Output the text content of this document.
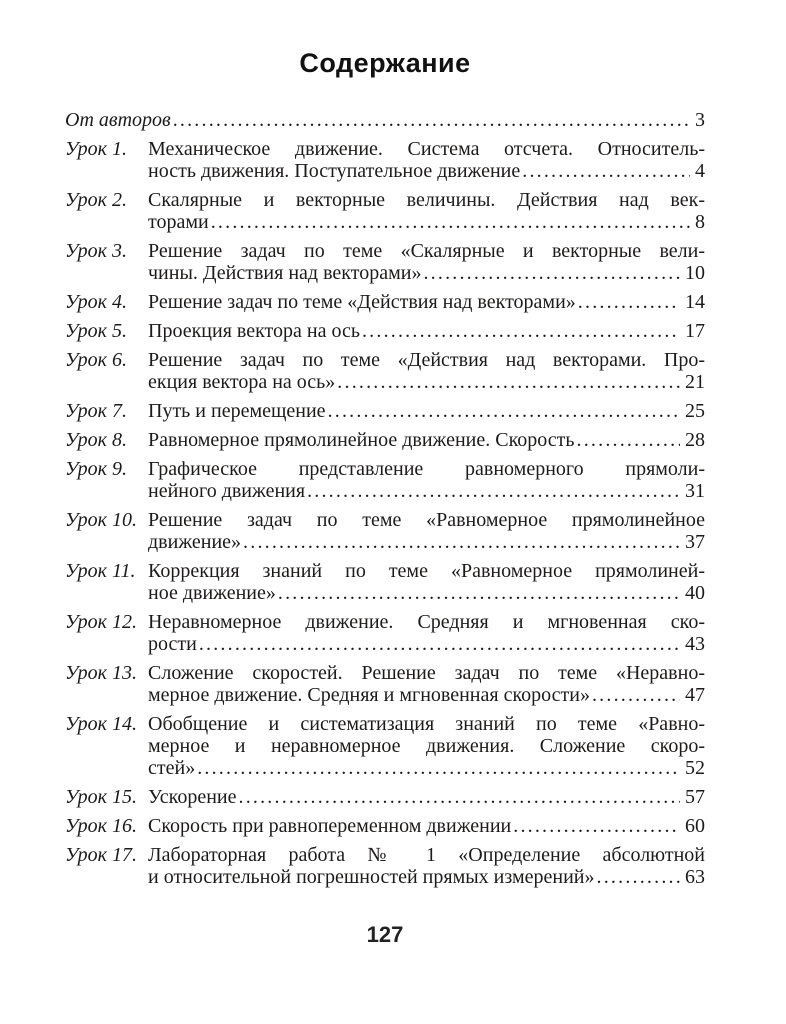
Содержание
От авторов .....	3
Урок 1.	Механическое движение. Система отсчета. Относитель-
ность движения. Поступательное движение .....	4
Урок 2.	Скалярные и векторные величины. Действия над век-
торами .....	8
Урок 3.	Решение задач по теме «Скалярные и векторные вели-
чины. Действия над векторами» .....	10
Урок 4.	Решение задач по теме «Действия над векторами» .....	14
Урок 5.	Проекция вектора на ось .....	17
Урок 6.	Решение задач по теме «Действия над векторами. Про-
екция вектора на ось» .....	21
Урок 7.	Путь и перемещение .....	25
Урок 8.	Равномерное прямолинейное движение. Скорость .....	28
Урок 9.	Графическое представление равномерного прямоли-
нейного движения .....	31
Урок 10. Решение задач по теме «Равномерное прямолинейное
движение» .....	37
Урок 11. Коррекция знаний по теме «Равномерное прямолиней-
ное движение» .....	40
Урок 12. Неравномерное движение. Средняя и мгновенная ско-
рости .....	43
Урок 13. Сложение скоростей. Решение задач по теме «Неравно-
мерное движение. Средняя и мгновенная скорости» .....	47
Урок 14. Обобщение и систематизация знаний по теме «Равно-
мерное и неравномерное движения. Сложение скоро-
стей» .....	52
Урок 15. Ускорение .....	57
Урок 16. Скорость при равнопеременном движении .....	60
Урок 17. Лабораторная работа № 1 «Определение абсолютной
и относительной погрешностей прямых измерений» .....	63
127
